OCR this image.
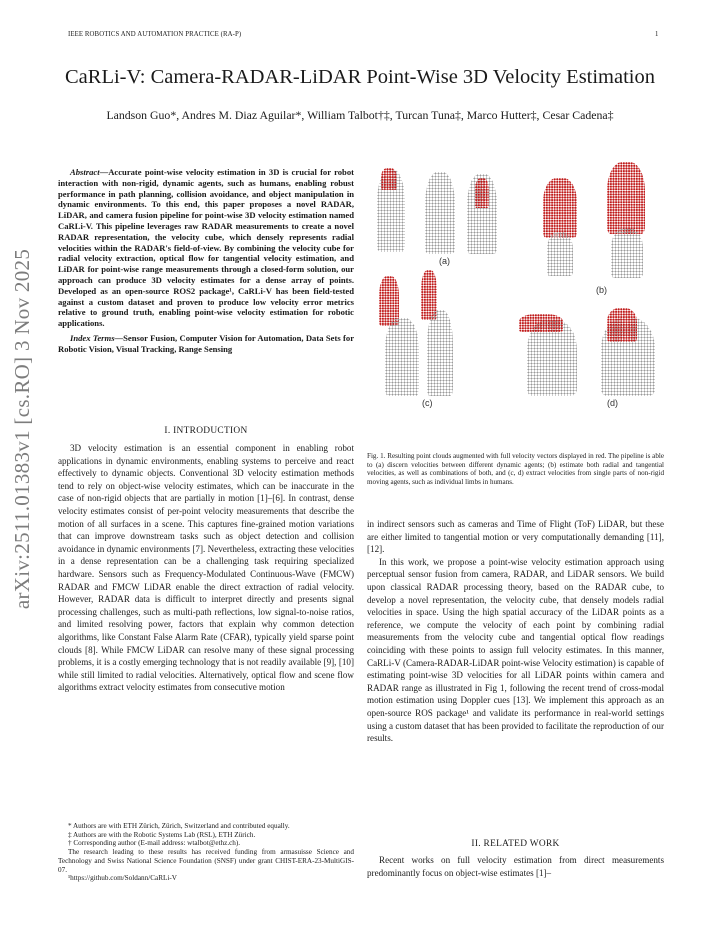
IEEE ROBOTICS AND AUTOMATION PRACTICE (RA-P)	1
CaRLi-V: Camera-RADAR-LiDAR Point-Wise 3D Velocity Estimation
Landson Guo*, Andres M. Diaz Aguilar*, William Talbot†‡, Turcan Tuna‡, Marco Hutter‡, Cesar Cadena‡
arXiv:2511.01383v1 [cs.RO] 3 Nov 2025

Abstract—Accurate point-wise velocity estimation in 3D is crucial for robot interaction with non-rigid, dynamic agents, such as humans, enabling robust performance in path planning, collision avoidance, and object manipulation in dynamic environments. To this end, this paper proposes a novel RADAR, LiDAR, and camera fusion pipeline for point-wise 3D velocity estimation named CaRLi-V. This pipeline leverages raw RADAR measurements to create a novel RADAR representation, the velocity cube, which densely represents radial velocities within the RADAR's field-of-view. By combining the velocity cube for radial velocity extraction, optical flow for tangential velocity estimation, and LiDAR for point-wise range measurements through a closed-form solution, our approach can produce 3D velocity estimates for a dense array of points. Developed as an open-source ROS2 package¹, CaRLi-V has been field-tested against a custom dataset and proven to produce low velocity error metrics relative to ground truth, enabling point-wise velocity estimation for robotic applications.

Index Terms—Sensor Fusion, Computer Vision for Automation, Data Sets for Robotic Vision, Visual Tracking, Range Sensing

I. INTRODUCTION

3D velocity estimation is an essential component in enabling robot applications in dynamic environments, enabling systems to perceive and react effectively to dynamic objects. Conventional 3D velocity estimation methods tend to rely on object-wise velocity estimates, which can be inaccurate in the case of non-rigid objects that are partially in motion [1]–[6]. In contrast, dense velocity estimates consist of per-point velocity measurements that describe the motion of all surfaces in a scene. This captures fine-grained motion variations that can improve downstream tasks such as object detection and collision avoidance in dynamic environments [7]. Nevertheless, extracting these velocities in a dense representation can be a challenging task requiring specialized hardware. Sensors such as Frequency-Modulated Continuous-Wave (FMCW) RADAR and FMCW LiDAR enable the direct extraction of radial velocity. However, RADAR data is difficult to interpret directly and presents signal processing challenges, such as multi-path reflections, low signal-to-noise ratios, and limited resolving power, factors that explain why common detection algorithms, like Constant False Alarm Rate (CFAR), typically yield sparse point clouds [8]. While FMCW LiDAR can resolve many of these signal processing problems, it is a costly emerging technology that is not readily available [9], [10] while still limited to radial velocities. Alternatively, optical flow and scene flow algorithms extract velocity estimates from consecutive motion

* Authors are with ETH Zürich, Zürich, Switzerland and contributed equally.

‡ Authors are with the Robotic Systems Lab (RSL), ETH Zürich.

† Corresponding author (E-mail address: wtalbot@ethz.ch).

The research leading to these results has received funding from armasuisse Science and Technology and Swiss National Science Foundation (SNSF) under grant CHIST-ERA-23-MultiGIS-07.

¹https://github.com/Soldann/CaRLi-V

(a)
(b)
(c)	(d)
Fig. 1. Resulting point clouds augmented with full velocity vectors displayed in red. The pipeline is able to (a) discern velocities between different dynamic agents; (b) estimate both radial and tangential velocities, as well as combinations of both, and (c, d) extract velocities from single parts of non-rigid moving agents, such as individual limbs in humans.

in indirect sensors such as cameras and Time of Flight (ToF) LiDAR, but these are either limited to tangential motion or very computationally demanding [11], [12].

In this work, we propose a point-wise velocity estimation approach using perceptual sensor fusion from camera, RADAR, and LiDAR sensors. We build upon classical RADAR processing theory, based on the RADAR cube, to develop a novel representation, the velocity cube, that densely models radial velocities in space. Using the high spatial accuracy of the LiDAR points as a reference, we compute the velocity of each point by combining radial measurements from the velocity cube and tangential optical flow readings coinciding with these points to assign full velocity estimates. In this manner, CaRLi-V (Camera-RADAR-LiDAR point-wise Velocity estimation) is capable of estimating point-wise 3D velocities for all LiDAR points within camera and RADAR range as illustrated in Fig 1, following the recent trend of cross-modal motion estimation using Doppler cues [13]. We implement this approach as an open-source ROS package¹ and validate its performance in real-world settings using a custom dataset that has been provided to facilitate the reproduction of our results.

II. RELATED WORK

Recent works on full velocity estimation from direct measurements predominantly focus on object-wise estimates [1]–
